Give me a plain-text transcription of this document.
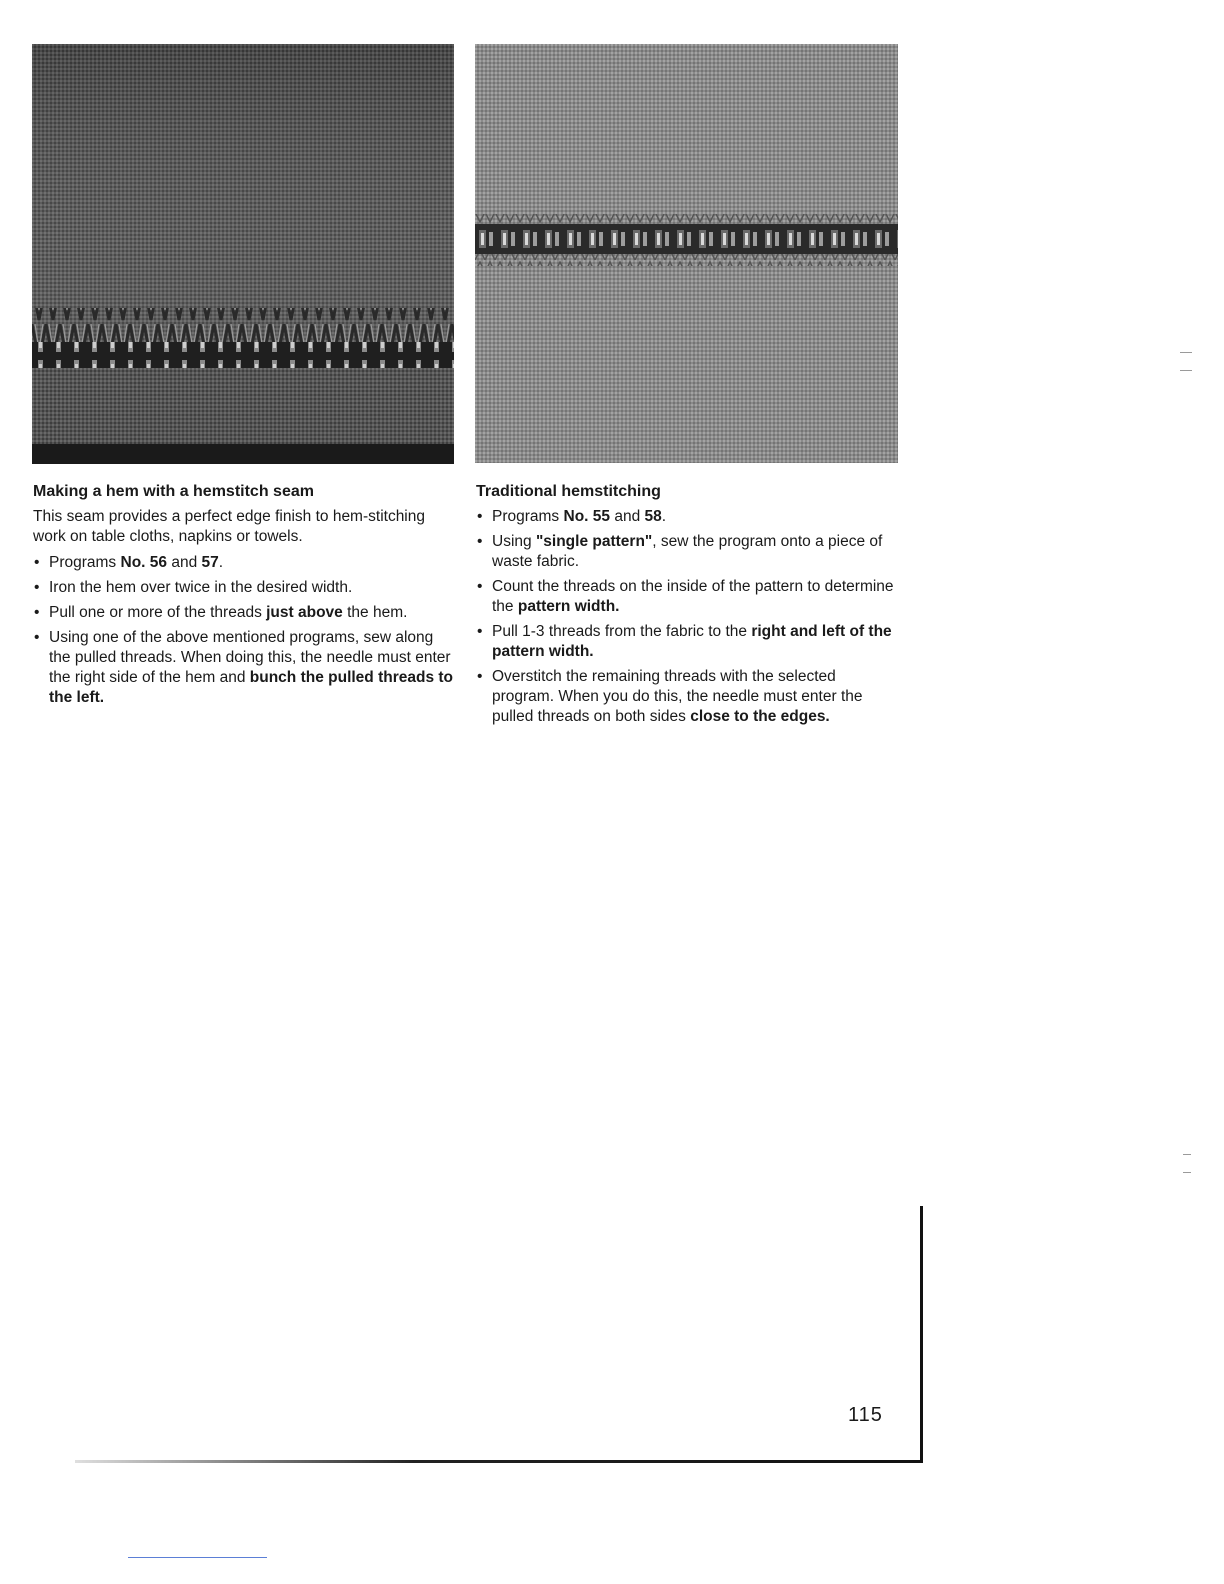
Making a hem with a hemstitch seam
This seam provides a perfect edge finish to hem-stitching work on table cloths, napkins or towels.
• Programs No. 56 and 57.
• Iron the hem over twice in the desired width.
• Pull one or more of the threads just above the hem.
• Using one of the above mentioned programs, sew along the pulled threads. When doing this, the needle must enter the right side of the hem and bunch the pulled threads to the left.
Traditional hemstitching
• Programs No. 55 and 58.
• Using "single pattern", sew the program onto a piece of waste fabric.
• Count the threads on the inside of the pattern to determine the pattern width.
• Pull 1-3 threads from the fabric to the right and left of the pattern width.
• Overstitch the remaining threads with the selected program. When you do this, the needle must enter the pulled threads on both sides close to the edges.
115
